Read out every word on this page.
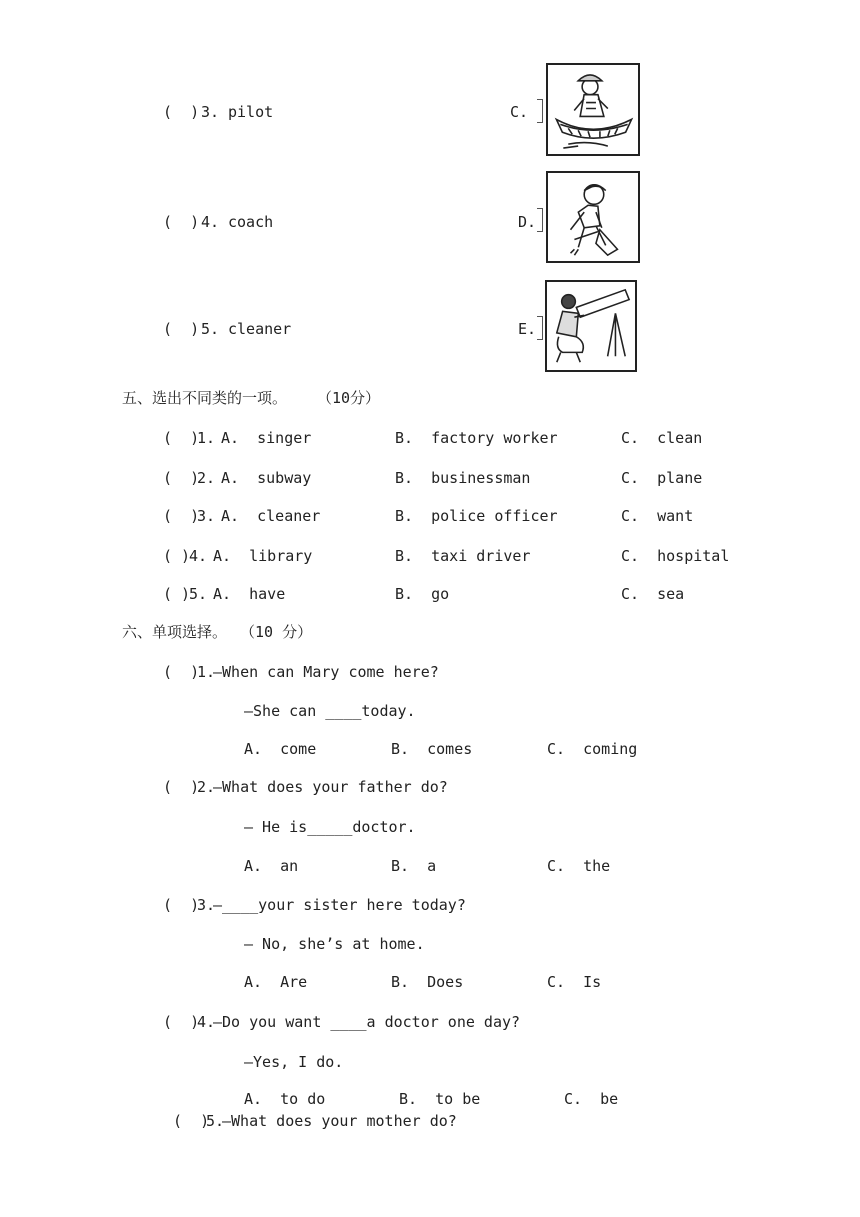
(  ) 3. pilot	C.
(  ) 4. coach	D.
(  ) 5. cleaner	E.
五、选出不同类的一项。 （10分）
(  )
1. A.  singer	B.  factory worker	C.  clean
(  )
2. A.  subway	B.  businessman	C.  plane
(  )
3. A.  cleaner	B.  police officer	C.  want
( )
4. A.  library	B.  taxi driver	C.  hospital
( )
5. A.  have	B.  go	C.  sea
六、单项选择。 （10 分）
(  )
1.
—When can Mary come here?
—She can ____today.
A.  come	B.  comes	C.  coming
(  )
2.
—What does your father do?
— He is_____doctor.
A.  an	B.  a	C.  the
(  )
3.
—____your sister here today?
— No, she’s at home.
A.  Are	B.  Does	C.  Is
(  )
4.
—Do you want ____a doctor one day?
—Yes, I do.
A.  to do	B.  to be	C.  be
(  )
5.
—What does your mother do?
